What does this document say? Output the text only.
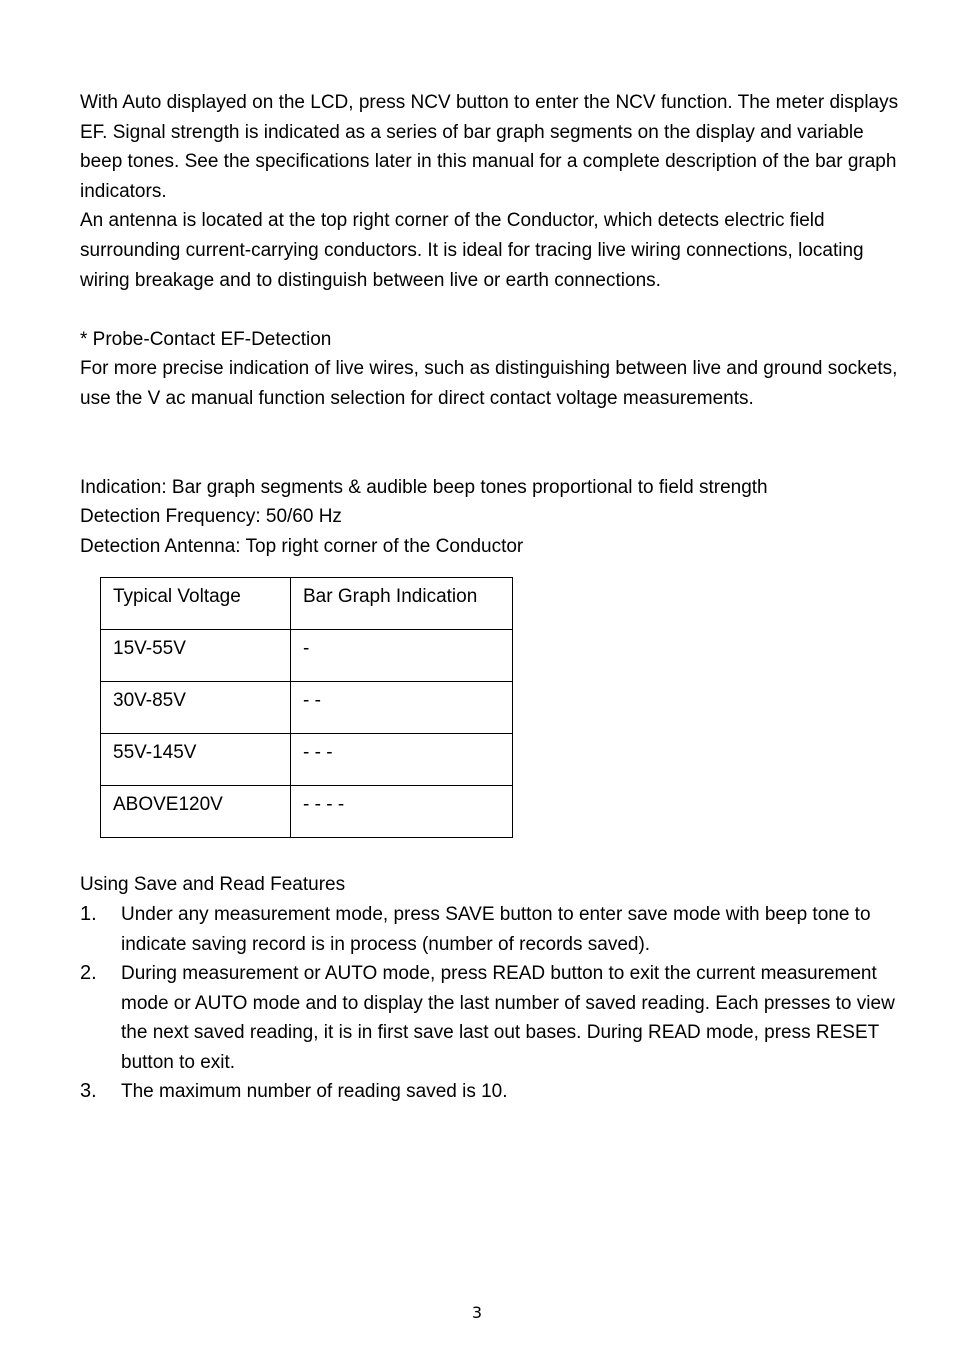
With Auto displayed on the LCD, press NCV button to enter the NCV function. The meter displays EF. Signal strength is indicated as a series of bar graph segments on the display and variable beep tones. See the specifications later in this manual for a complete description of the bar graph indicators.

An antenna is located at the top right corner of the Conductor, which detects electric field surrounding current-carrying conductors. It is ideal for tracing live wiring connections, locating wiring breakage and to distinguish between live or earth connections.

* Probe-Contact EF-Detection

For more precise indication of live wires, such as distinguishing between live and ground sockets, use the V ac manual function selection for direct contact voltage measurements.

Indication: Bar graph segments & audible beep tones proportional to field strength

Detection Frequency: 50/60 Hz

Detection Antenna: Top right corner of the Conductor

Typical Voltage	Bar Graph Indication
15V-55V	-
30V-85V	- -
55V-145V	- - -
ABOVE120V	- - - -

Using Save and Read Features

1.	Under any measurement mode, press SAVE button to enter save mode with beep tone to indicate saving record is in process (number of records saved).
2.	During measurement or AUTO mode, press READ button to exit the current measurement mode or AUTO mode and to display the last number of saved reading. Each presses to view the next saved reading, it is in first save last out bases. During READ mode, press RESET button to exit.
3.	The maximum number of reading saved is 10.
3
